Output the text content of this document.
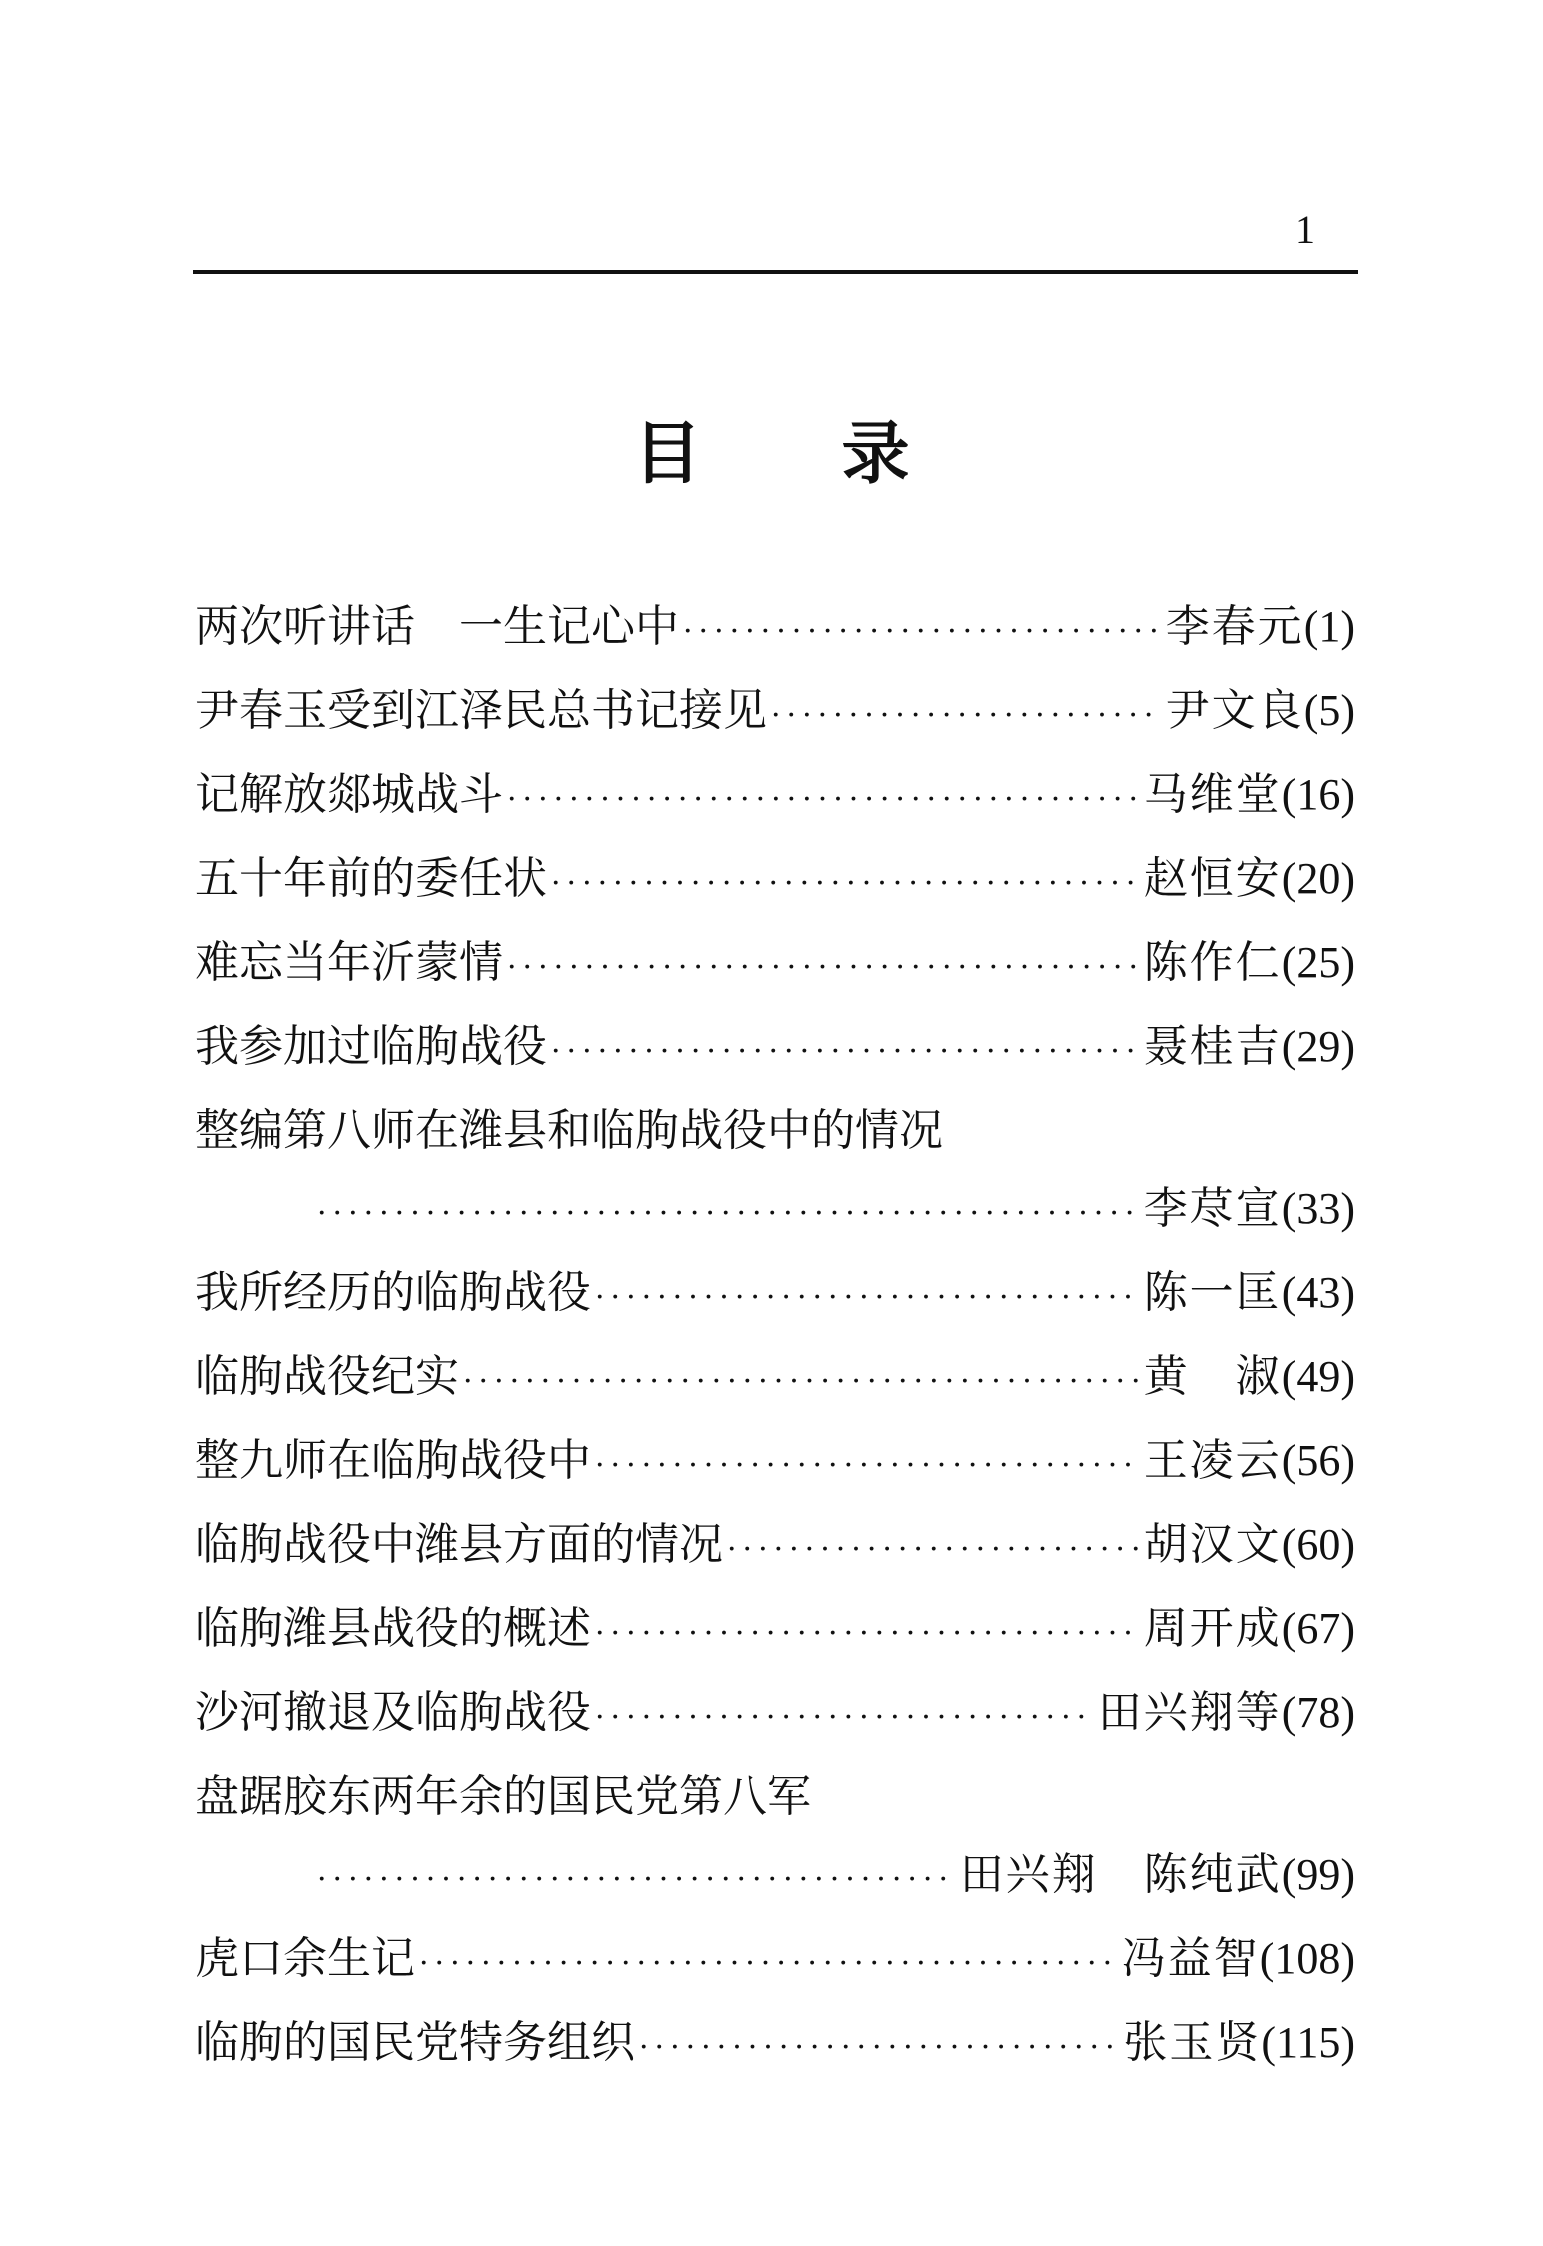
1
目录
两次听讲话　一生记心中 ·····	李春元 (1)
尹春玉受到江泽民总书记接见 ·····	尹文良 (5)
记解放郯城战斗 ·····	马维堂 (16)
五十年前的委任状 ·····	赵恒安 (20)
难忘当年沂蒙情 ·····	陈作仁 (25)
我参加过临朐战役 ·····	聂桂吉 (29)
整编第八师在潍县和临朐战役中的情况
·····
李荩宣 (33)
我所经历的临朐战役 ·····	陈一匡 (43)
临朐战役纪实 ·····	黄　淑 (49)
整九师在临朐战役中 ·····	王凌云 (56)
临朐战役中潍县方面的情况 ·····	胡汉文 (60)
临朐潍县战役的概述 ·····	周开成 (67)
沙河撤退及临朐战役 ·····	田兴翔等 (78)
盘踞胶东两年余的国民党第八军
·····
田兴翔　陈纯武 (99)
虎口余生记 ·····	冯益智 (108)
临朐的国民党特务组织 ·····	张玉贤 (115)
